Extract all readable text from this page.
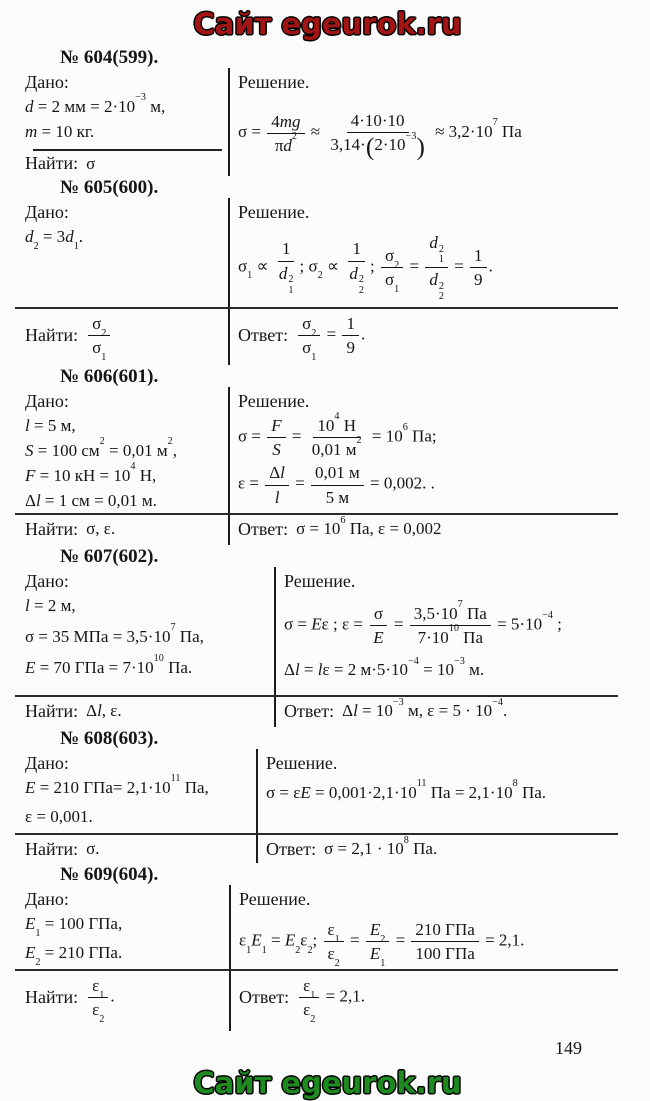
Сайт egeurok.ru
№ 604(599).
Дано:
d = 2 мм = $2\cdot 10^{-3}$ м,
m = 10 кг.
Найти: σ
Решение.
$\sigma = \frac{4mg}{\pi d^2} \approx \frac{4\cdot 10\cdot 10}{3,14\cdot(2\cdot 10^{-3})} \approx 3,2\cdot 10^7$ Па
№ 605(600).
Дано:
$d_2 = 3d_1$.
Решение.
$\sigma_1 \propto 1$
d 2
1 ; $\sigma_2 \propto 1$
d 2
2 ; $\frac{\sigma_2}{\sigma_1} = d$ 2
1
d 2
$2 = \frac{1}{9}$ .
Найти: $\frac{\sigma_2}{\sigma_1}$	Ответ: $\frac{\sigma_2}{\sigma_1} = \frac{1}{9}$ .
№ 606(601).
Дано:
l = 5 м,
S = 100 $см^2 = 0,01$ $м^2$,
F = 10 кН = $10^4$ Н,
Δl = 1 см = 0,01 м.
Решение.
$\sigma = \frac{F}{S} = \frac{10^4 Н}{0,01 м^2} = 10^6$ Па;
$\varepsilon = \frac{\Delta l}{l} = \frac{0,01 м}{5 м} = 0,002$. .
Найти: σ, ε.	Ответ: $\sigma = 10^6$ Па, ε = 0,002
№ 607(602).
Дано:
l = 2 м,
σ = 35 МПа = $3,5\cdot 10^7$ Па,
E = 70 ГПа = $7\cdot 10^{10}$ Па.
Решение.
σ = Eε ; $\varepsilon = \frac{\sigma}{E} = \frac{3,5\cdot 10^7 Па}{7\cdot 10^{10} Па} = 5\cdot 10^{-4}$ ;
Δl = lε = 2 $м\cdot 5\cdot 10^{-4} = 10^{-3}$ м.
Найти: Δl, ε.	Ответ: $\Delta l = 10^{-3}$ м, $\varepsilon = 5 \cdot 10^{-4}$.
№ 608(603).
Дано:
E = 210 $ГПа= 2,1\cdot 10^{11}$ Па,
ε = 0,001.
Решение.
$\sigma = \varepsilon E = 0,001\cdot 2,1\cdot 10^{11}$ Па = $2,1\cdot 10^8$ Па.
Найти: σ.	Ответ: $\sigma = 2,1 \cdot 10^8$ Па.
№ 609(604).
Дано:
$E_1 = 100$ ГПа,
$E_2 = 210$ ГПа.
Решение.
$\varepsilon_1E_1 = E_2\varepsilon_2$; $\frac{\varepsilon_1}{\varepsilon_2} = \frac{E_2}{E_1} = \frac{\text{210 ГПа}}{\text{100 ГПа}} = 2,1$.
Найти: $\frac{\varepsilon_1}{\varepsilon_2}$ .	Ответ: $\frac{\varepsilon_1}{\varepsilon_2} = 2,1$.
149
Сайт egeurok.ru
